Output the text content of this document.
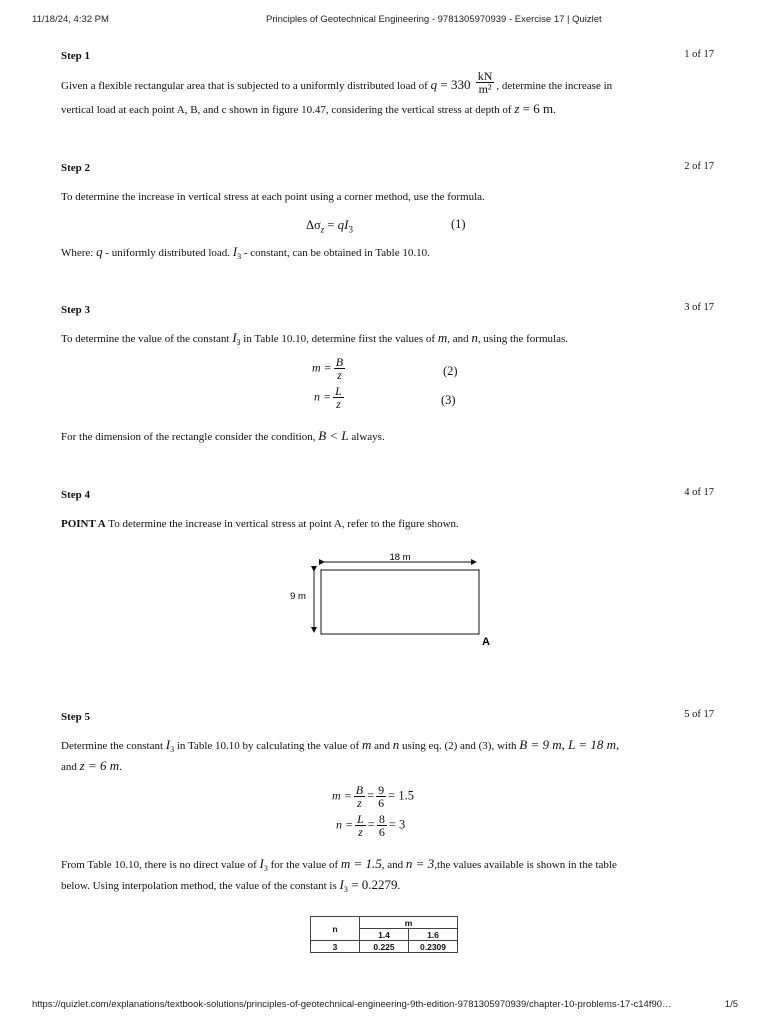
11/18/24, 4:32 PM	Principles of Geotechnical Engineering - 9781305970939 - Exercise 17 | Quizlet
Step 1	1 of 17
Given a flexible rectangular area that is subjected to a uniformly distributed load of $q = 330 \frac{kN}{\text{m²}}$ , determine the increase in
vertical load at each point A, B, and c shown in figure 10.47, considering the vertical stress at depth of z = 6 m.
Step 2	2 of 17
To determine the increase in vertical stress at each point using a corner method, use the formula.
$\Delta\sigma_z = qI_3$	(1)
Where: q - uniformly distributed load. $I_3$ - constant, can be obtained in Table 10.10.
Step 3	3 of 17
To determine the value of the constant $I_3$ in Table 10.10, determine first the values of m, and n, using the formulas.
$m = \frac{B}{z}$	(2)
$n = \frac{L}{z}$	(3)
For the dimension of the rectangle consider the condition, B < L always.
Step 4	4 of 17
POINT A To determine the increase in vertical stress at point A, refer to the figure shown.
18 m
9 m
A
Step 5	5 of 17
Determine the constant $I_3$ in Table 10.10 by calculating the value of m and n using eq. (2) and (3), with B = 9 m, L = 18 m,
and z = 6 m.
$m = \frac{B}{z} = \frac{9}{6} = 1.5$
$n = \frac{L}{z} = \frac{8}{6} = 3$
From Table 10.10, there is no direct value of $I_3$ for the value of m = 1.5, and n = 3,the values available is shown in the table
below. Using interpolation method, the value of the constant is $I_3 = 0.2279$.
n	m	
	1.4	1.6
3	0.225	0.2309
https://quizlet.com/explanations/textbook-solutions/principles-of-geotechnical-engineering-9th-edition-9781305970939/chapter-10-problems-17-c14f90…	1/5
